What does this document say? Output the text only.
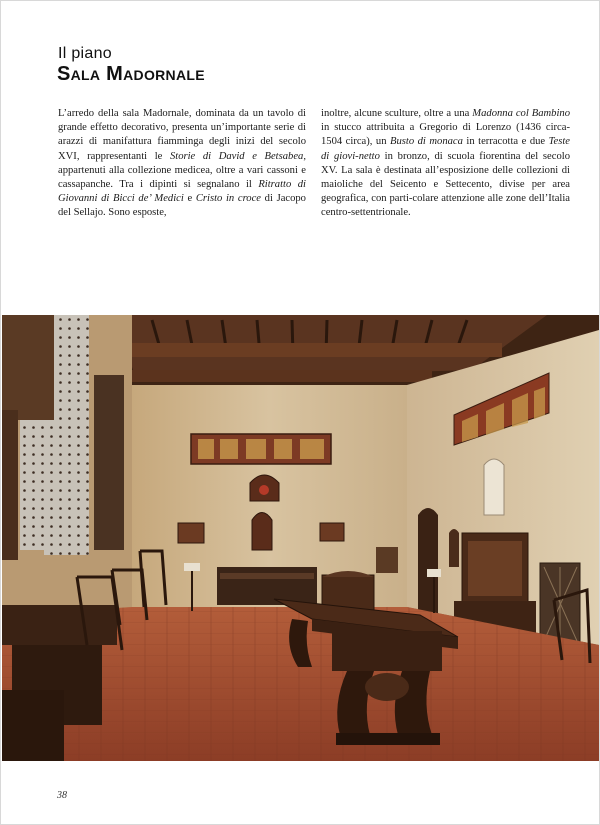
Il piano
Sala Madornale
L’arredo della sala Madornale, dominata da un tavolo di grande effetto decorativo, presenta un’importante serie di arazzi di manifattura fiamminga degli inizi del secolo XVI, rappresentanti le Storie di David e Betsabea, appartenuti alla collezione medicea, oltre a vari cassoni e cassapanche. Tra i dipinti si segnalano il Ritratto di Giovanni di Bicci de’ Medici e Cristo in croce di Jacopo del Sellajo. Sono esposte,
inoltre, alcune sculture, oltre a una Madonna col Bambino in stucco attribuita a Gregorio di Lorenzo (1436 circa-1504 circa), un Busto di monaca in terracotta e due Teste di giovi-netto in bronzo, di scuola fiorentina del secolo XV. La sala è destinata all’esposizione delle collezioni di maioliche del Seicento e Settecento, divise per area geografica, con parti-colare attenzione alle zone dell’Italia centro-settentrionale.
38
